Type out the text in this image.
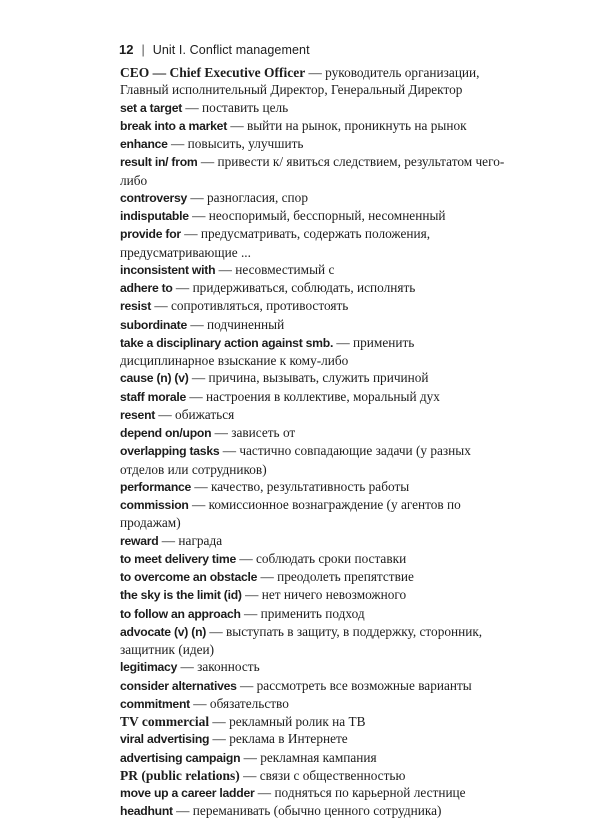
12 | Unit I. Conflict management
CEO — Chief Executive Officer — руководитель организации, Главный исполнительный Директор, Генеральный Директор
set a target — поставить цель
break into a market — выйти на рынок, проникнуть на рынок
enhance — повысить, улучшить
result in/ from — привести к/ явиться следствием, результатом чего-либо
controversy — разногласия, спор
indisputable — неоспоримый, бесспорный, несомненный
provide for — предусматривать, содержать положения, предусматривающие ...
inconsistent with — несовместимый с
adhere to — придерживаться, соблюдать, исполнять
resist — сопротивляться, противостоять
subordinate — подчиненный
take a disciplinary action against smb. — применить дисциплинарное взыскание к кому-либо
cause (n) (v) — причина, вызывать, служить причиной
staff morale — настроения в коллективе, моральный дух
resent — обижаться
depend on/upon — зависеть от
overlapping tasks — частично совпадающие задачи (у разных отделов или сотрудников)
performance — качество, результативность работы
commission — комиссионное вознаграждение (у агентов по продажам)
reward — награда
to meet delivery time — соблюдать сроки поставки
to overcome an obstacle — преодолеть препятствие
the sky is the limit (id) — нет ничего невозможного
to follow an approach — применить подход
advocate (v) (n) — выступать в защиту, в поддержку, сторонник, защитник (идеи)
legitimacy — законность
consider alternatives — рассмотреть все возможные варианты
commitment — обязательство
TV commercial — рекламный ролик на ТВ
viral advertising — реклама в Интернете
advertising campaign — рекламная кампания
PR (public relations) — связи с общественностью
move up a career ladder — подняться по карьерной лестнице
headhunt — переманивать (обычно ценного сотрудника)
